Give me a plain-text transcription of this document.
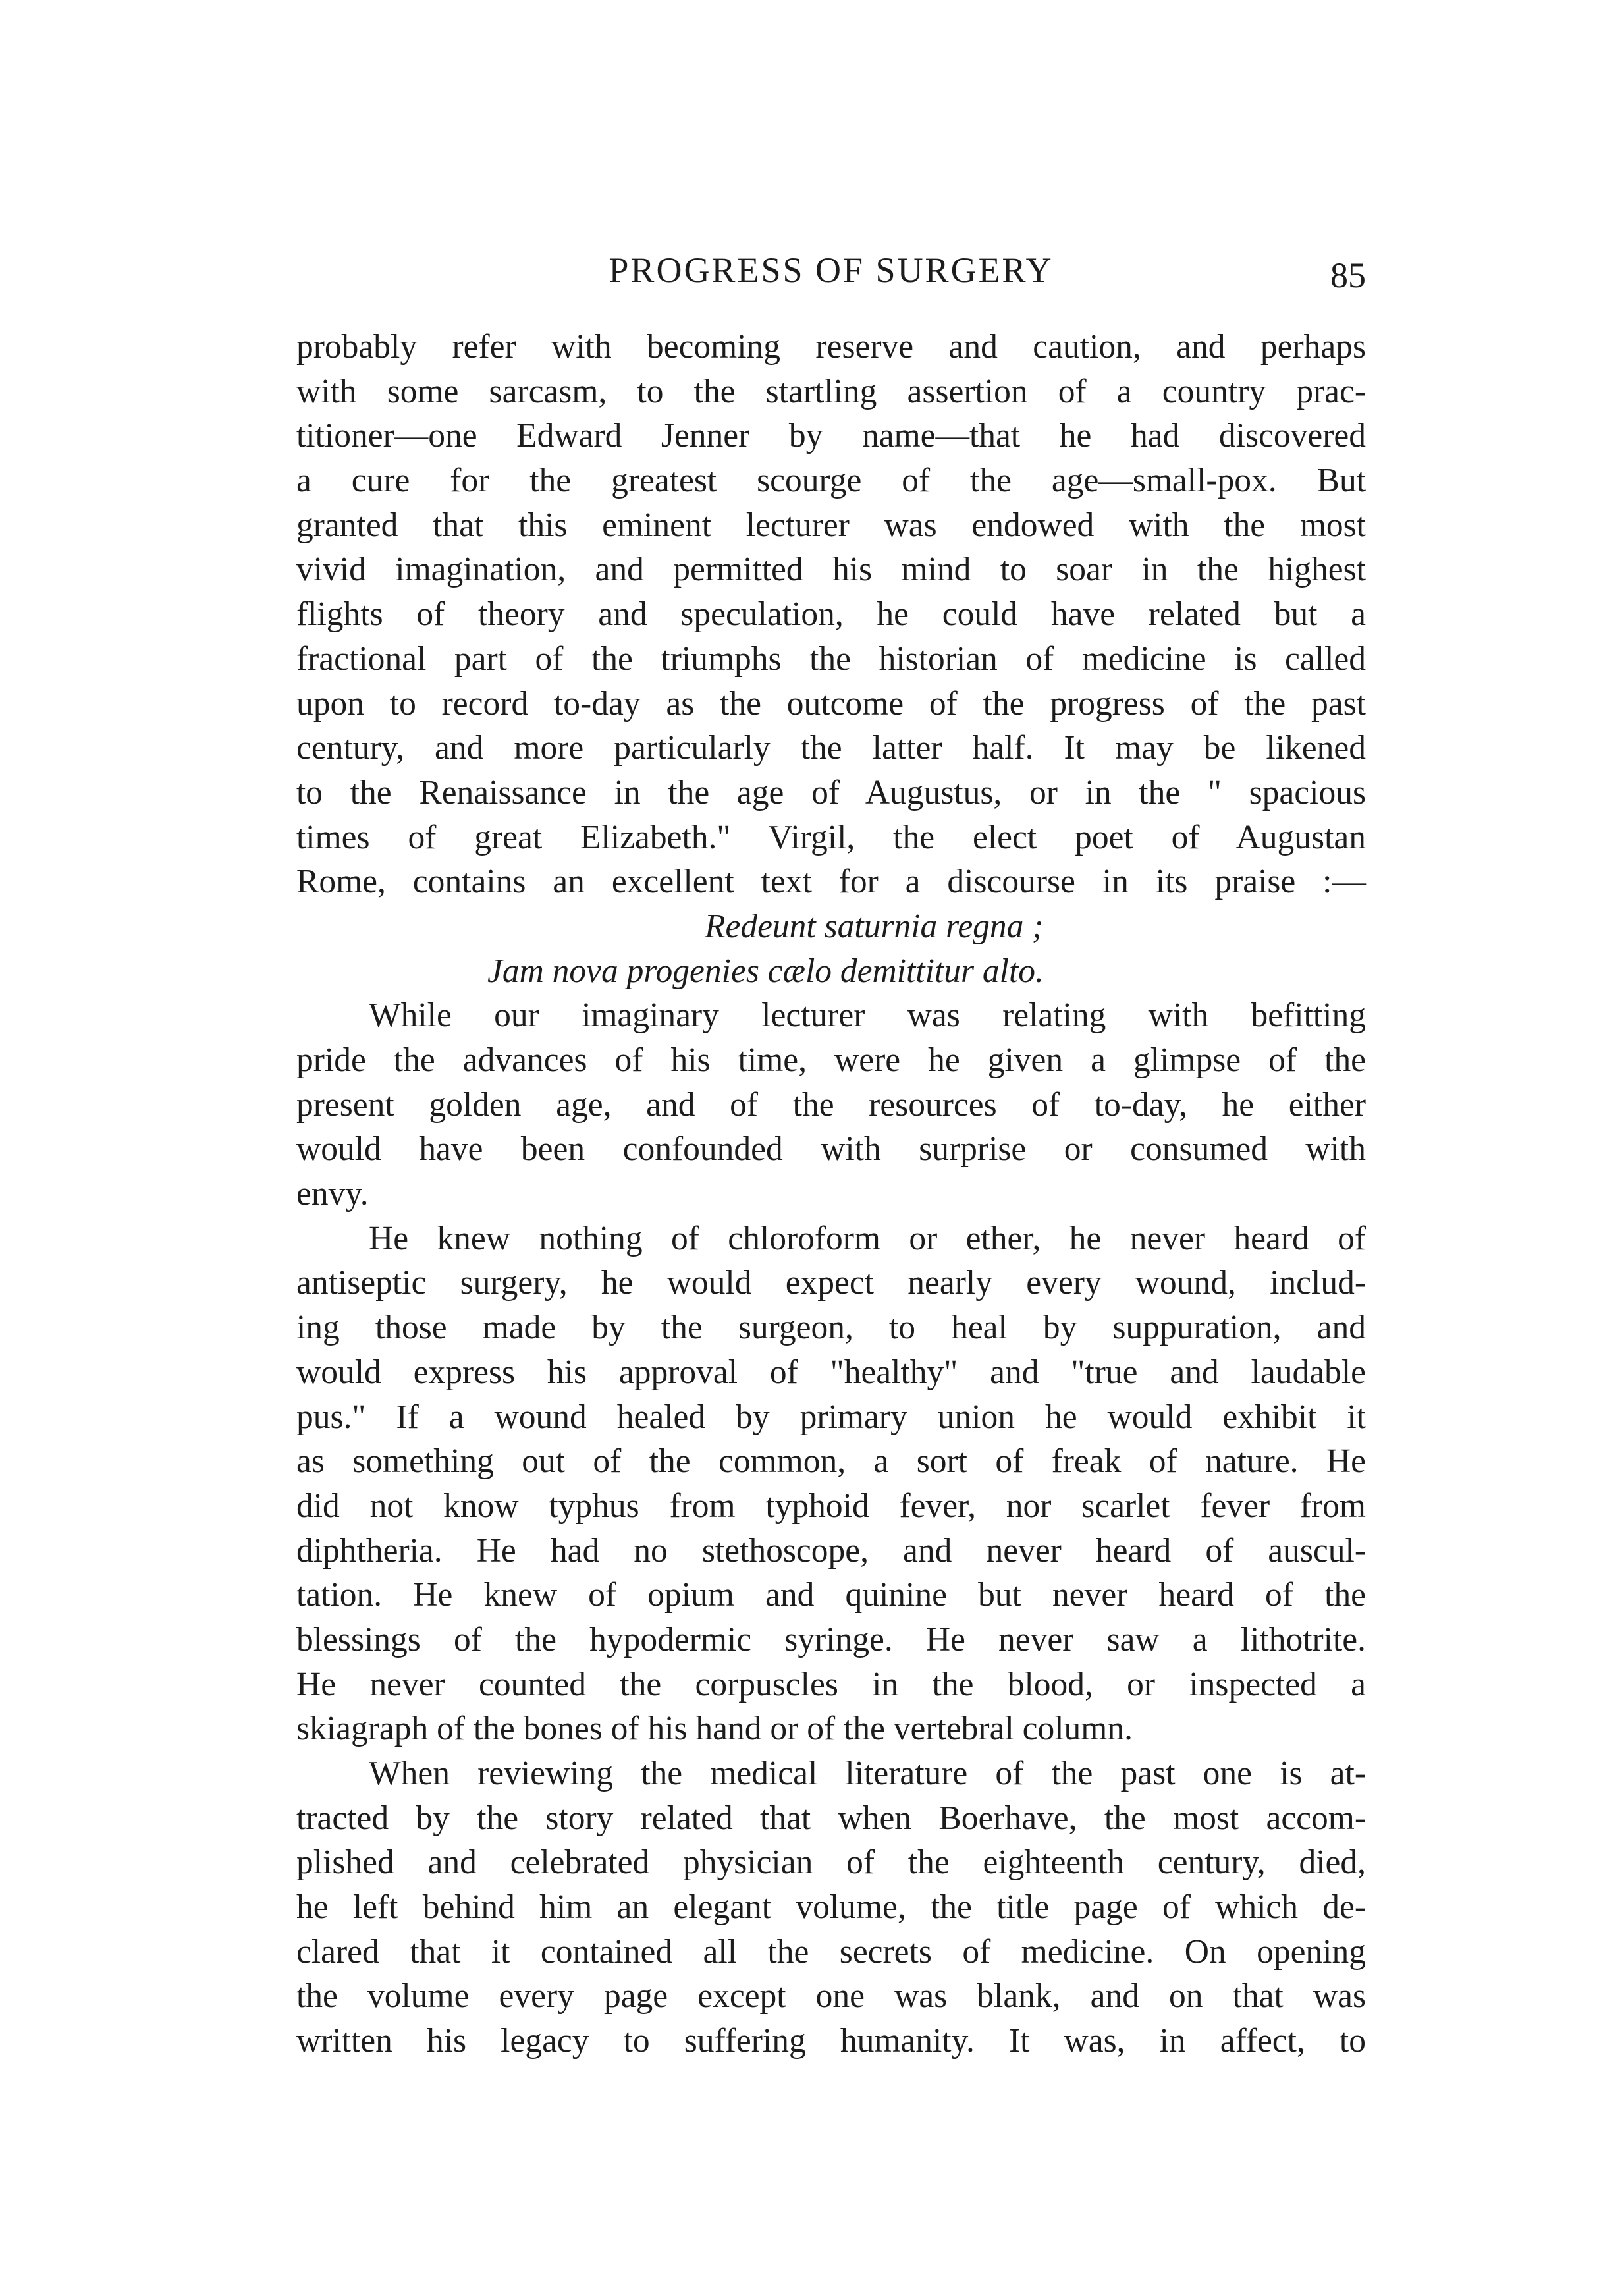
PROGRESS OF SURGERY	85
probably refer with becoming reserve and caution, and perhaps
with some sarcasm, to the startling assertion of a country prac-
titioner—one Edward Jenner by name—that he had discovered
a cure for the greatest scourge of the age—small-pox. But
granted that this eminent lecturer was endowed with the most
vivid imagination, and permitted his mind to soar in the highest
flights of theory and speculation, he could have related but a
fractional part of the triumphs the historian of medicine is called
upon to record to-day as the outcome of the progress of the past
century, and more particularly the latter half. It may be likened
to the Renaissance in the age of Augustus, or in the " spacious
times of great Elizabeth." Virgil, the elect poet of Augustan
Rome, contains an excellent text for a discourse in its praise :—
Redeunt saturnia regna ;
Jam nova progenies cælo demittitur alto.
While our imaginary lecturer was relating with befitting
pride the advances of his time, were he given a glimpse of the
present golden age, and of the resources of to-day, he either
would have been confounded with surprise or consumed with
envy.
He knew nothing of chloroform or ether, he never heard of
antiseptic surgery, he would expect nearly every wound, includ-
ing those made by the surgeon, to heal by suppuration, and
would express his approval of "healthy" and "true and laudable
pus." If a wound healed by primary union he would exhibit it
as something out of the common, a sort of freak of nature. He
did not know typhus from typhoid fever, nor scarlet fever from
diphtheria. He had no stethoscope, and never heard of auscul-
tation. He knew of opium and quinine but never heard of the
blessings of the hypodermic syringe. He never saw a lithotrite.
He never counted the corpuscles in the blood, or inspected a
skiagraph of the bones of his hand or of the vertebral column.
When reviewing the medical literature of the past one is at-
tracted by the story related that when Boerhave, the most accom-
plished and celebrated physician of the eighteenth century, died,
he left behind him an elegant volume, the title page of which de-
clared that it contained all the secrets of medicine. On opening
the volume every page except one was blank, and on that was
written his legacy to suffering humanity. It was, in affect, to
